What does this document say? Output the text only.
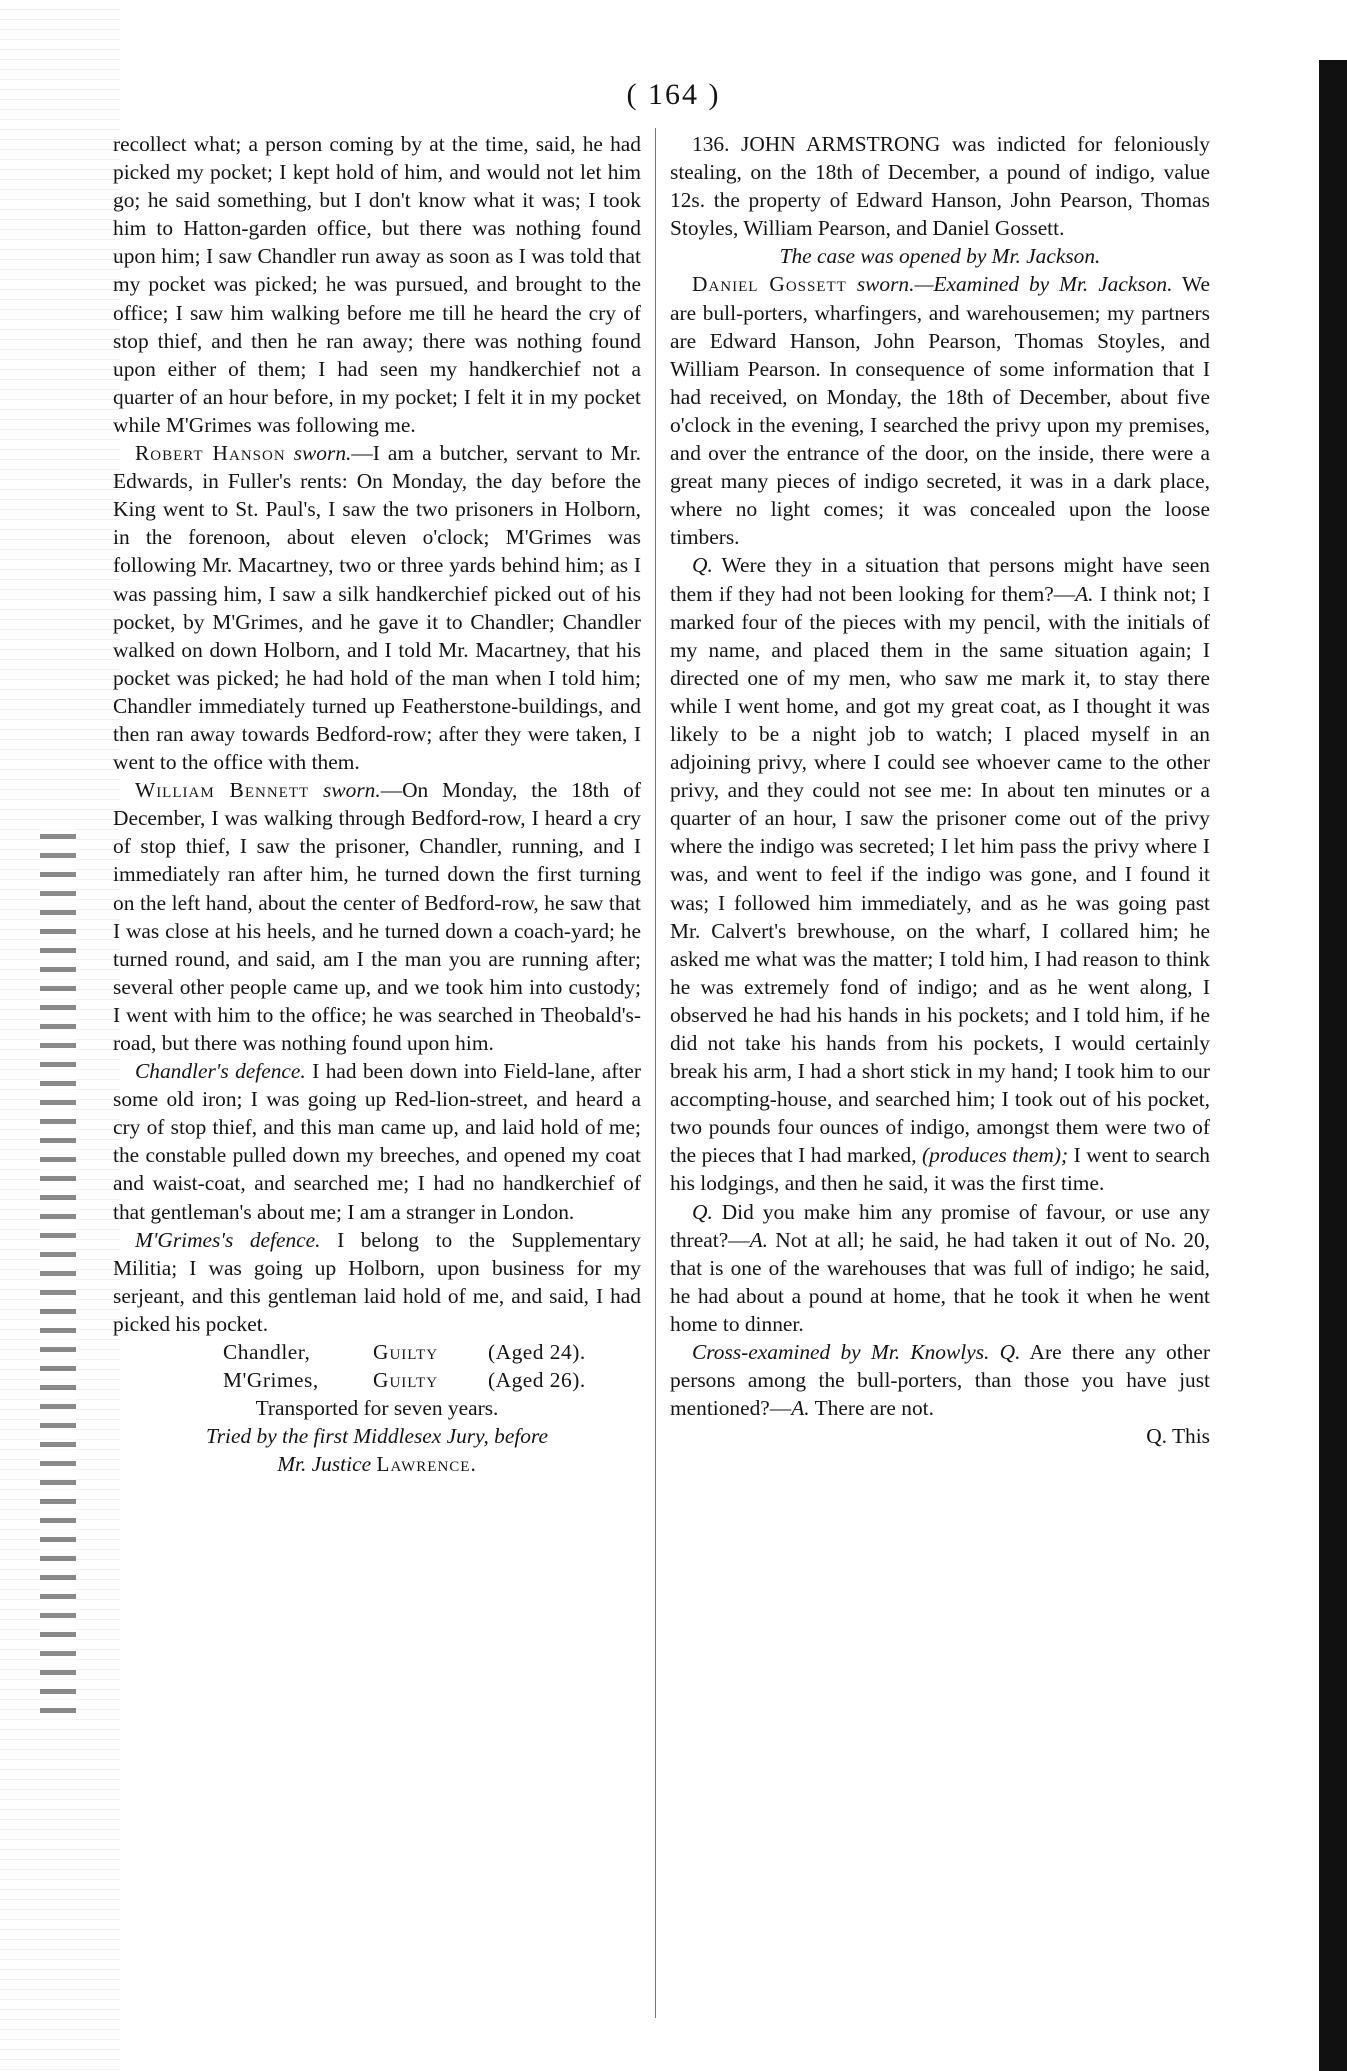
( 164 )

recollect what; a person coming by at the time, said, he had picked my pocket; I kept hold of him, and would not let him go; he said something, but I don't know what it was; I took him to Hatton-garden office, but there was nothing found upon him; I saw Chandler run away as soon as I was told that my pocket was picked; he was pursued, and brought to the office; I saw him walking before me till he heard the cry of stop thief, and then he ran away; there was nothing found upon either of them; I had seen my handkerchief not a quarter of an hour before, in my pocket; I felt it in my pocket while M'Grimes was following me.

Robert Hanson sworn.—I am a butcher, servant to Mr. Edwards, in Fuller's rents: On Monday, the day before the King went to St. Paul's, I saw the two prisoners in Holborn, in the forenoon, about eleven o'clock; M'Grimes was following Mr. Macartney, two or three yards behind him; as I was passing him, I saw a silk handkerchief picked out of his pocket, by M'Grimes, and he gave it to Chandler; Chandler walked on down Holborn, and I told Mr. Macartney, that his pocket was picked; he had hold of the man when I told him; Chandler immediately turned up Featherstone-buildings, and then ran away towards Bedford-row; after they were taken, I went to the office with them.

William Bennett sworn.—On Monday, the 18th of December, I was walking through Bedford-row, I heard a cry of stop thief, I saw the prisoner, Chandler, running, and I immediately ran after him, he turned down the first turning on the left hand, about the center of Bedford-row, he saw that I was close at his heels, and he turned down a coach-yard; he turned round, and said, am I the man you are running after; several other people came up, and we took him into custody; I went with him to the office; he was searched in Theobald's-road, but there was nothing found upon him.

Chandler's defence. I had been down into Field-lane, after some old iron; I was going up Red-lion-street, and heard a cry of stop thief, and this man came up, and laid hold of me; the constable pulled down my breeches, and opened my coat and waist-coat, and searched me; I had no handkerchief of that gentleman's about me; I am a stranger in London.

M'Grimes's defence. I belong to the Supplementary Militia; I was going up Holborn, upon business for my serjeant, and this gentleman laid hold of me, and said, I had picked his pocket.

Chandler,	Guilty (Aged 24).
M'Grimes,	Guilty (Aged 26).

Transported for seven years.

Tried by the first Middlesex Jury, before

Mr. Justice Lawrence.

136. JOHN ARMSTRONG was indicted for feloniously stealing, on the 18th of December, a pound of indigo, value 12s. the property of Edward Hanson, John Pearson, Thomas Stoyles, William Pearson, and Daniel Gossett.

The case was opened by Mr. Jackson.

Daniel Gossett sworn.—Examined by Mr. Jackson. We are bull-porters, wharfingers, and warehousemen; my partners are Edward Hanson, John Pearson, Thomas Stoyles, and William Pearson. In consequence of some information that I had received, on Monday, the 18th of December, about five o'clock in the evening, I searched the privy upon my premises, and over the entrance of the door, on the inside, there were a great many pieces of indigo secreted, it was in a dark place, where no light comes; it was concealed upon the loose timbers.

Q. Were they in a situation that persons might have seen them if they had not been looking for them?—A. I think not; I marked four of the pieces with my pencil, with the initials of my name, and placed them in the same situation again; I directed one of my men, who saw me mark it, to stay there while I went home, and got my great coat, as I thought it was likely to be a night job to watch; I placed myself in an adjoining privy, where I could see whoever came to the other privy, and they could not see me: In about ten minutes or a quarter of an hour, I saw the prisoner come out of the privy where the indigo was secreted; I let him pass the privy where I was, and went to feel if the indigo was gone, and I found it was; I followed him immediately, and as he was going past Mr. Calvert's brewhouse, on the wharf, I collared him; he asked me what was the matter; I told him, I had reason to think he was extremely fond of indigo; and as he went along, I observed he had his hands in his pockets; and I told him, if he did not take his hands from his pockets, I would certainly break his arm, I had a short stick in my hand; I took him to our accompting-house, and searched him; I took out of his pocket, two pounds four ounces of indigo, amongst them were two of the pieces that I had marked, (produces them); I went to search his lodgings, and then he said, it was the first time.

Q. Did you make him any promise of favour, or use any threat?—A. Not at all; he said, he had taken it out of No. 20, that is one of the warehouses that was full of indigo; he said, he had about a pound at home, that he took it when he went home to dinner.

Cross-examined by Mr. Knowlys. Q. Are there any other persons among the bull-porters, than those you have just mentioned?—A. There are not.

Q. This
